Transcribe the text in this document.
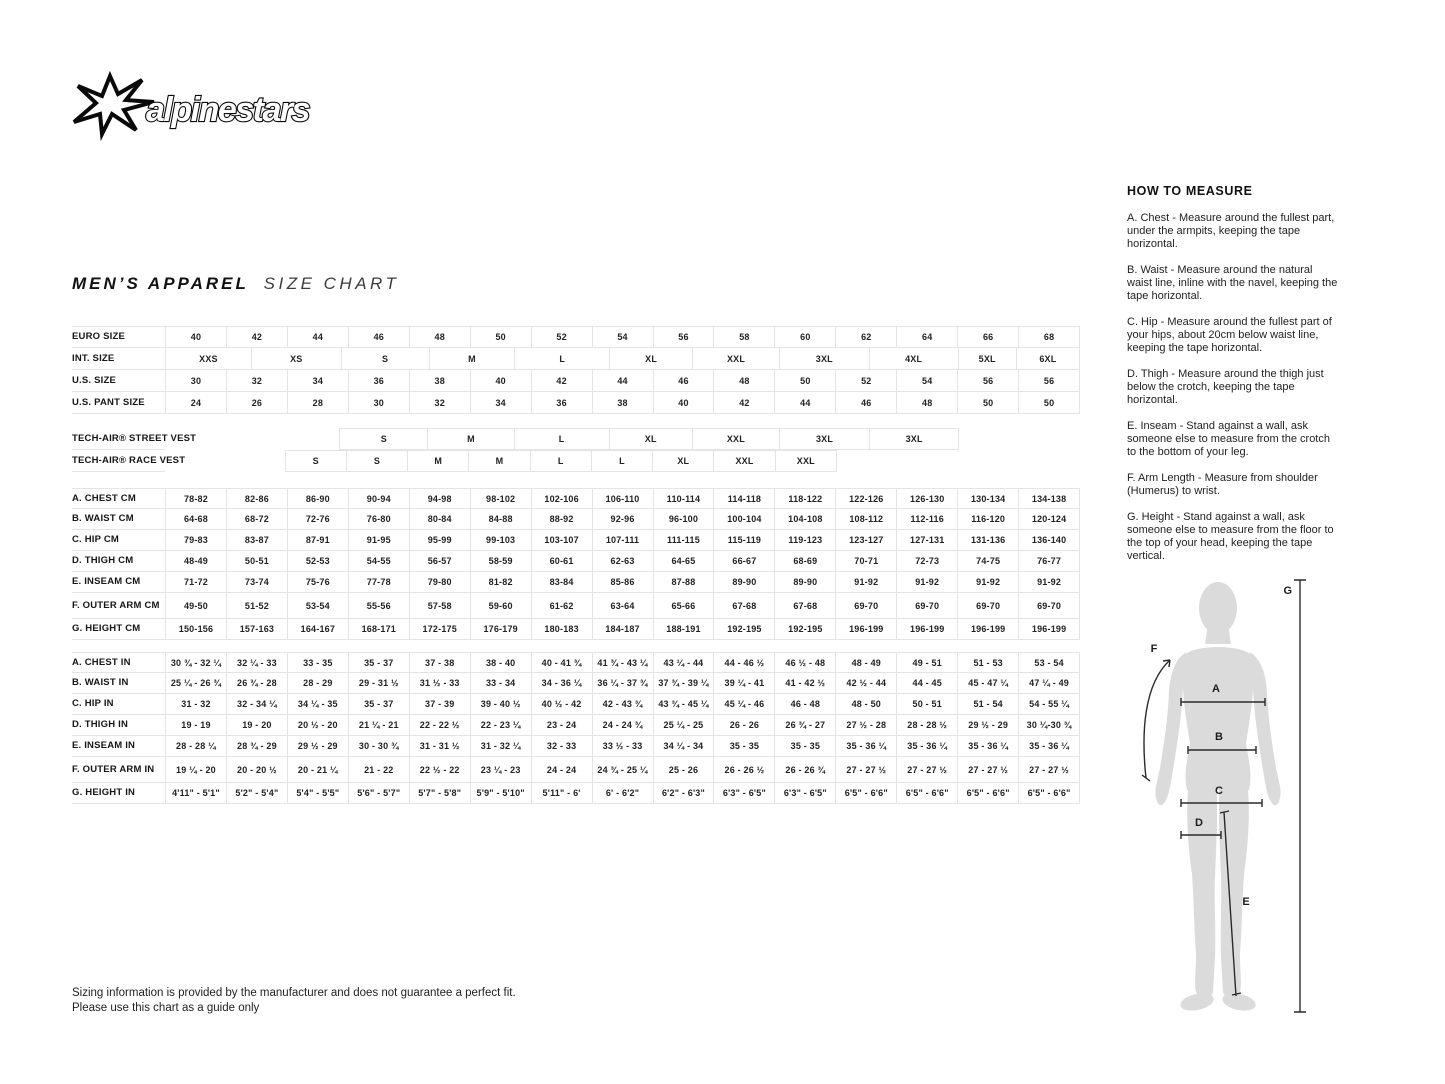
alpinestars
MEN’S APPAREL SIZE CHART
EURO SIZE	40	42	44	46	48	50	52	54	56	58	60	62	64	66	68
INT. SIZE	XXS	XS	S	M	L	XL	XXL	3XL	4XL	5XL	6XL
U.S. SIZE	30	32	34	36	38	40	42	44	46	48	50	52	54	56	56
U.S. PANT SIZE	24	26	28	30	32	34	36	38	40	42	44	46	48	50	50
TECH-AIR® STREET VEST	S	M	L	XL	XXL	3XL	3XL
TECH-AIR® RACE VEST	S	S	M	M	L	L	XL	XXL	XXL
A. CHEST CM	78-82	82-86	86-90	90-94	94-98	98-102	102-106	106-110	110-114	114-118	118-122	122-126	126-130	130-134	134-138
B. WAIST CM	64-68	68-72	72-76	76-80	80-84	84-88	88-92	92-96	96-100	100-104	104-108	108-112	112-116	116-120	120-124
C. HIP CM	79-83	83-87	87-91	91-95	95-99	99-103	103-107	107-111	111-115	115-119	119-123	123-127	127-131	131-136	136-140
D. THIGH CM	48-49	50-51	52-53	54-55	56-57	58-59	60-61	62-63	64-65	66-67	68-69	70-71	72-73	74-75	76-77
E. INSEAM CM	71-72	73-74	75-76	77-78	79-80	81-82	83-84	85-86	87-88	89-90	89-90	91-92	91-92	91-92	91-92
F. OUTER ARM CM	49-50	51-52	53-54	55-56	57-58	59-60	61-62	63-64	65-66	67-68	67-68	69-70	69-70	69-70	69-70
G. HEIGHT CM	150-156	157-163	164-167	168-171	172-175	176-179	180-183	184-187	188-191	192-195	192-195	196-199	196-199	196-199	196-199
A. CHEST IN	30 ¾ - 32 ¼	32 ¼ - 33	33 - 35	35 - 37	37 - 38	38 - 40	40 - 41 ¾	41 ¾ - 43 ¼	43 ¼ - 44	44 - 46 ½	46 ½ - 48	48 - 49	49 - 51	51 - 53	53 - 54
B. WAIST IN	25 ¼ - 26 ¾	26 ¾ - 28	28 - 29	29 - 31 ½	31 ½ - 33	33 - 34	34 - 36 ¼	36 ¼ - 37 ¾	37 ¾ - 39 ¼	39 ¼ - 41	41 - 42 ½	42 ½ - 44	44 - 45	45 - 47 ¼	47 ¼ - 49
C. HIP IN	31 - 32	32 - 34 ¼	34 ¼ - 35	35 - 37	37 - 39	39 - 40 ½	40 ½ - 42	42 - 43 ¾	43 ¾ - 45 ¼	45 ¼ - 46	46 - 48	48 - 50	50 - 51	51 - 54	54 - 55 ¼
D. THIGH IN	19 - 19	19 - 20	20 ½ - 20	21 ¼ - 21	22 - 22 ½	22 - 23 ¼	23 - 24	24 - 24 ¾	25 ¼ - 25	26 - 26	26 ¾ - 27	27 ½ - 28	28 - 28 ½	29 ½ - 29	30 ¼-30 ¾
E. INSEAM IN	28 - 28 ¼	28 ¾ - 29	29 ½ - 29	30 - 30 ¾	31 - 31 ½	31 - 32 ¼	32 - 33	33 ½ - 33	34 ¼ - 34	35 - 35	35 - 35	35 - 36 ¼	35 - 36 ¼	35 - 36 ¼	35 - 36 ¼
F. OUTER ARM IN	19 ¼ - 20	20 - 20 ½	20 - 21 ¼	21 - 22	22 ½ - 22	23 ¼ - 23	24 - 24	24 ¾ - 25 ¼	25 - 26	26 - 26 ½	26 - 26 ¾	27 - 27 ½	27 - 27 ½	27 - 27 ½	27 - 27 ½
G. HEIGHT IN	4'11" - 5'1"	5'2" - 5'4"	5'4" - 5'5"	5'6" - 5'7"	5'7" - 5'8"	5'9" - 5'10"	5'11" - 6'	6' - 6'2"	6'2" - 6'3"	6'3" - 6'5"	6'3" - 6'5"	6'5" - 6'6"	6'5" - 6'6"	6'5" - 6'6"	6'5" - 6'6"
HOW TO MEASURE

A. Chest - Measure around the fullest part, under the armpits, keeping the tape horizontal.

B. Waist - Measure around the natural waist line, inline with the navel, keeping the tape horizontal.

C. Hip - Measure around the fullest part of your hips, about 20cm below waist line, keeping the tape horizontal.

D. Thigh - Measure around the thigh just below the crotch, keeping the tape horizontal.

E. Inseam - Stand against a wall, ask someone else to measure from the crotch to the bottom of your leg.

F. Arm Length - Measure from shoulder (Humerus) to wrist.

G. Height - Stand against a wall, ask someone else to measure from the floor to the top of your head, keeping the tape vertical.

A
B
C
D
E
F
G
Sizing information is provided by the manufacturer and does not guarantee a perfect fit.
Please use this chart as a guide only
